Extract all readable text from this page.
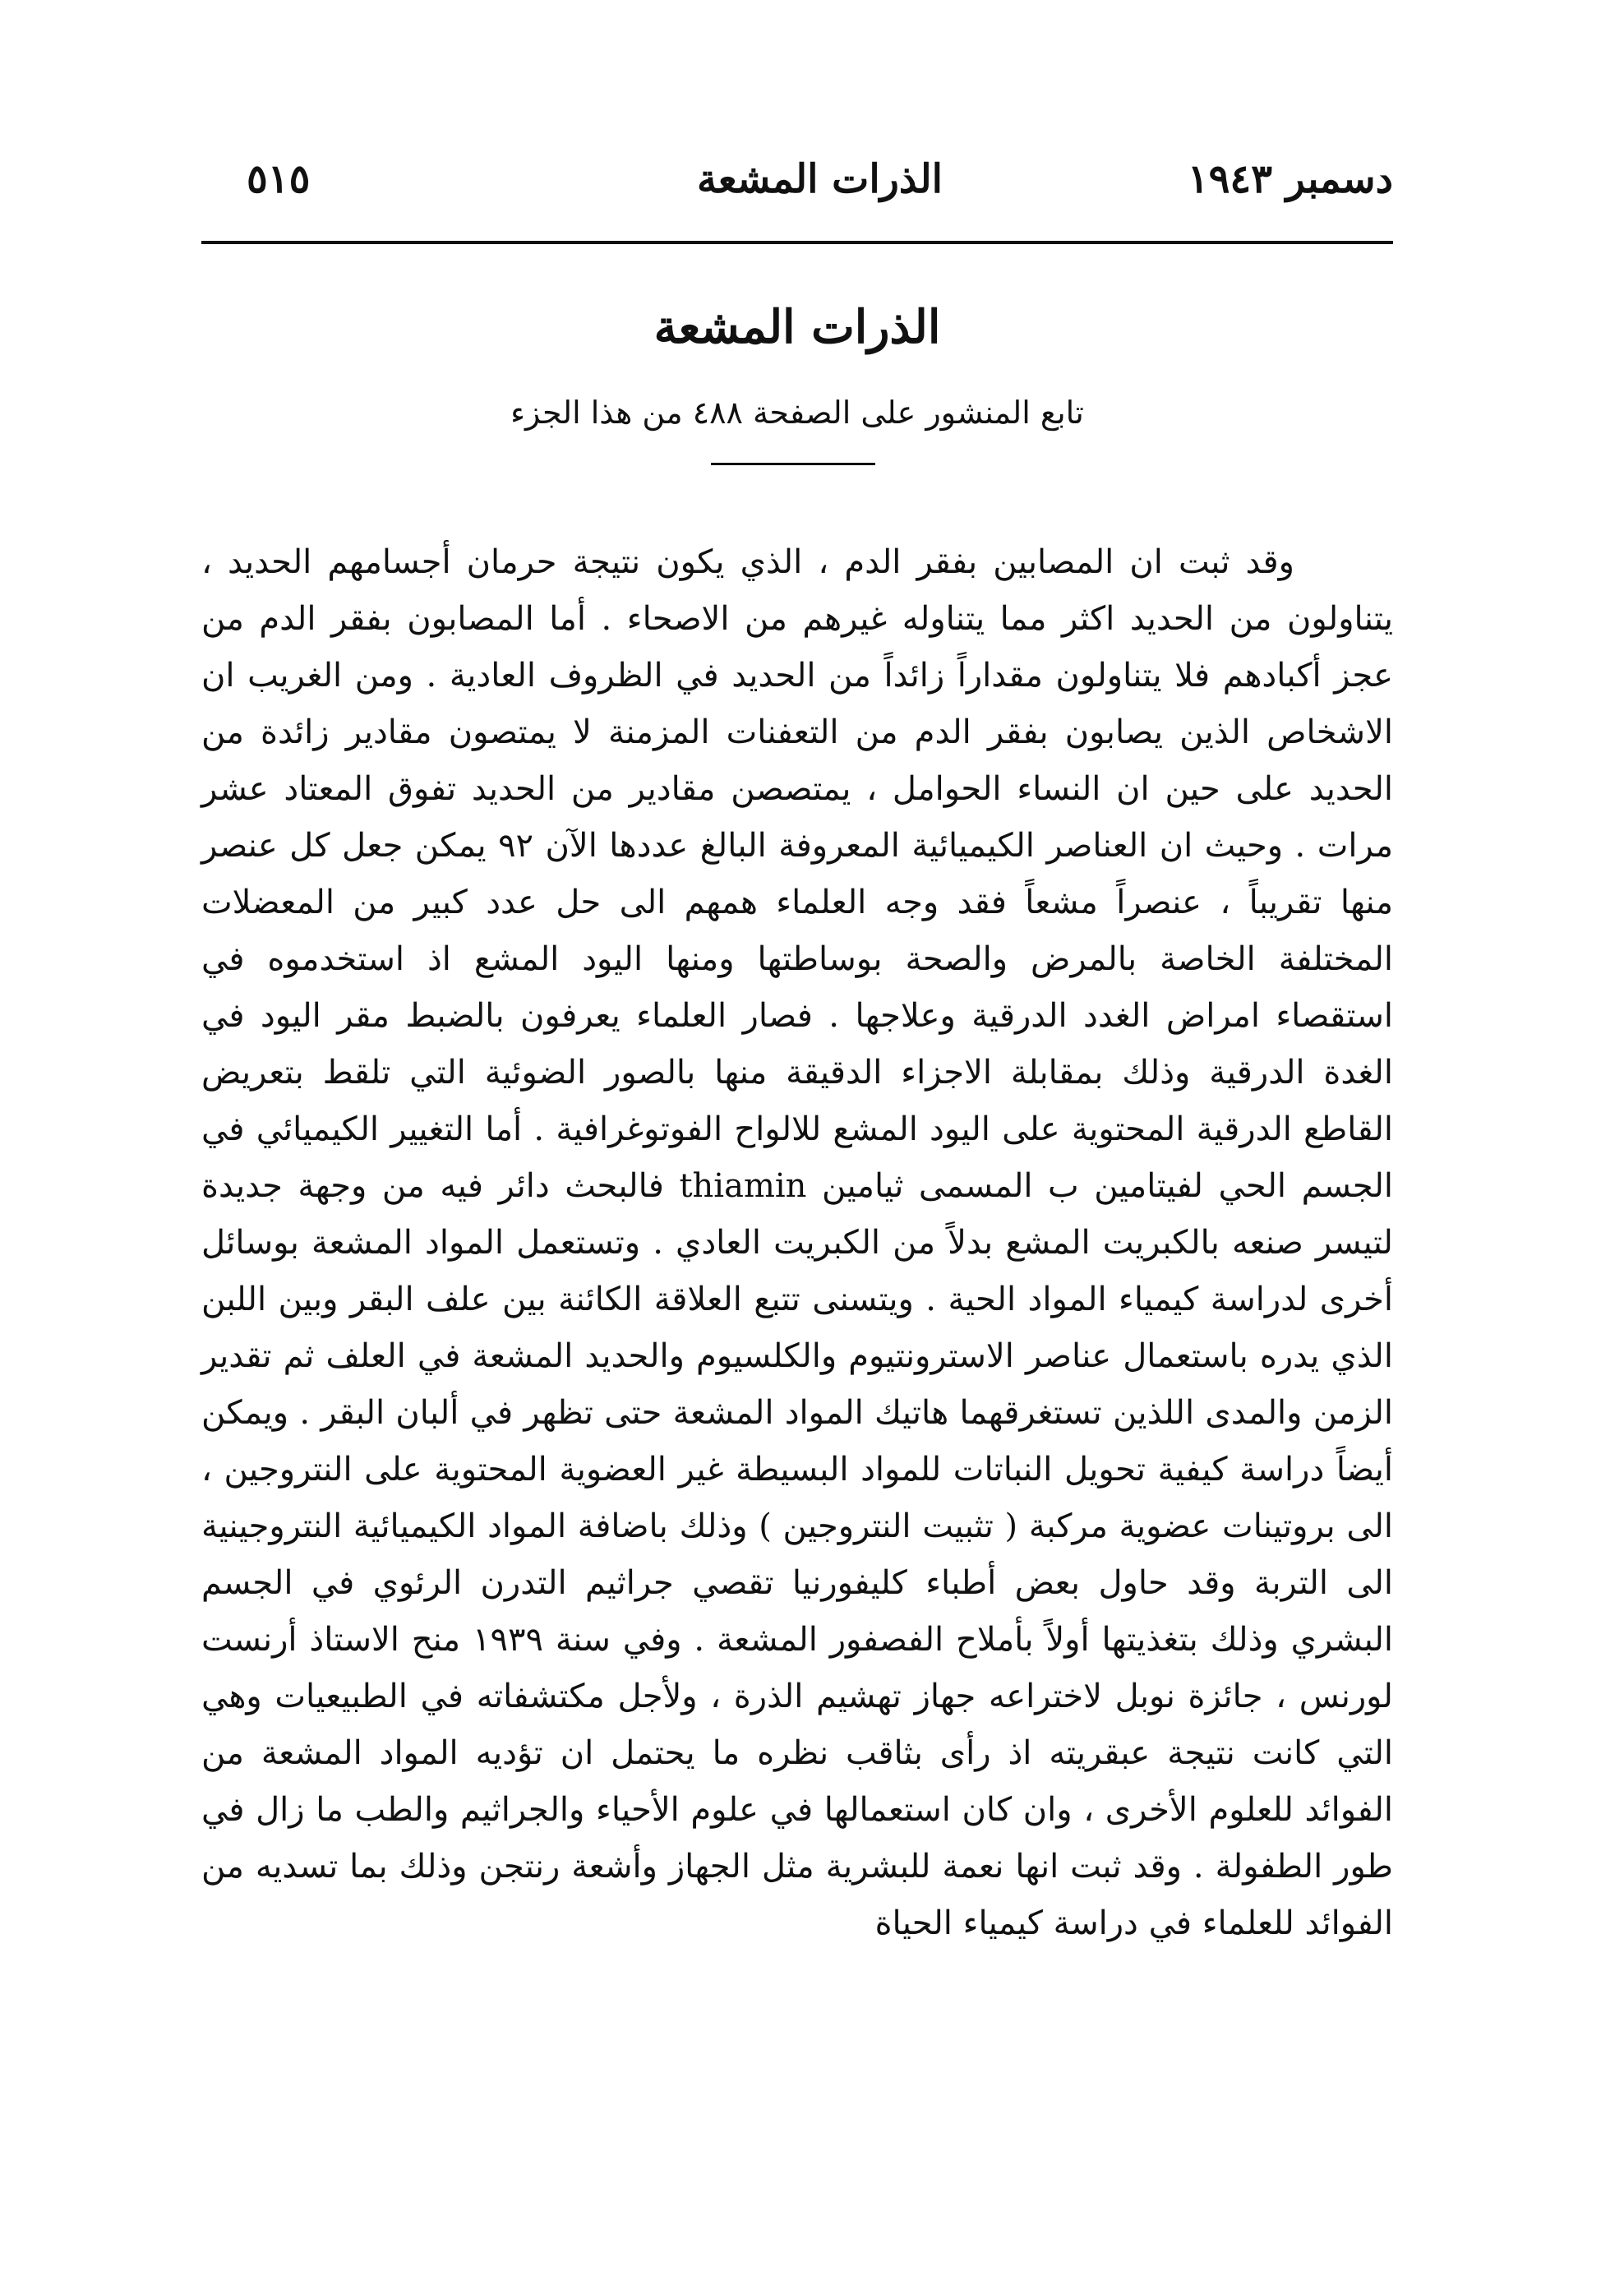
دسمبر ١٩٤٣
الذرات المشعة
٥١٥
الذرات المشعة
تابع المنشور على الصفحة ٤٨٨ من هذا الجزء

وقد ثبت ان المصابين بفقر الدم ، الذي يكون نتيجة حرمان أجسامهم الحديد ، يتناولون من الحديد اكثر مما يتناوله غيرهم من الاصحاء . أما المصابون بفقر الدم من عجز أكبادهم فلا يتناولون مقداراً زائداً من الحديد في الظروف العادية . ومن الغريب ان الاشخاص الذين يصابون بفقر الدم من التعفنات المزمنة لا يمتصون مقادير زائدة من الحديد على حين ان النساء الحوامل ، يمتصصن مقادير من الحديد تفوق المعتاد عشر مرات . وحيث ان العناصر الكيميائية المعروفة البالغ عددها الآن ٩٢ يمكن جعل كل عنصر منها تقريباً ، عنصراً مشعاً فقد وجه العلماء همهم الى حل عدد كبير من المعضلات المختلفة الخاصة بالمرض والصحة بوساطتها ومنها اليود المشع اذ استخدموه في استقصاء امراض الغدد الدرقية وعلاجها . فصار العلماء يعرفون بالضبط مقر اليود في الغدة الدرقية وذلك بمقابلة الاجزاء الدقيقة منها بالصور الضوئية التي تلقط بتعريض القاطع الدرقية المحتوية على اليود المشع للالواح الفوتوغرافية . أما التغيير الكيميائي في الجسم الحي لفيتامين ب المسمى ثيامين thiamin فالبحث دائر فيه من وجهة جديدة لتيسر صنعه بالكبريت المشع بدلاً من الكبريت العادي . وتستعمل المواد المشعة بوسائل أخرى لدراسة كيمياء المواد الحية . ويتسنى تتبع العلاقة الكائنة بين علف البقر وبين اللبن الذي يدره باستعمال عناصر الاسترونتيوم والكلسيوم والحديد المشعة في العلف ثم تقدير الزمن والمدى اللذين تستغرقهما هاتيك المواد المشعة حتى تظهر في ألبان البقر . ويمكن أيضاً دراسة كيفية تحويل النباتات للمواد البسيطة غير العضوية المحتوية على النتروجين ، الى بروتينات عضوية مركبة ( تثبيت النتروجين ) وذلك باضافة المواد الكيميائية النتروجينية الى التربة وقد حاول بعض أطباء كليفورنيا تقصي جراثيم التدرن الرئوي في الجسم البشري وذلك بتغذيتها أولاً بأملاح الفصفور المشعة . وفي سنة ١٩٣٩ منح الاستاذ أرنست لورنس ، جائزة نوبل لاختراعه جهاز تهشيم الذرة ، ولأجل مكتشفاته في الطبيعيات وهي التي كانت نتيجة عبقريته اذ رأى بثاقب نظره ما يحتمل ان تؤديه المواد المشعة من الفوائد للعلوم الأخرى ، وان كان استعمالها في علوم الأحياء والجراثيم والطب ما زال في طور الطفولة . وقد ثبت انها نعمة للبشرية مثل الجهاز وأشعة رنتجن وذلك بما تسديه من الفوائد للعلماء في دراسة كيمياء الحياة
